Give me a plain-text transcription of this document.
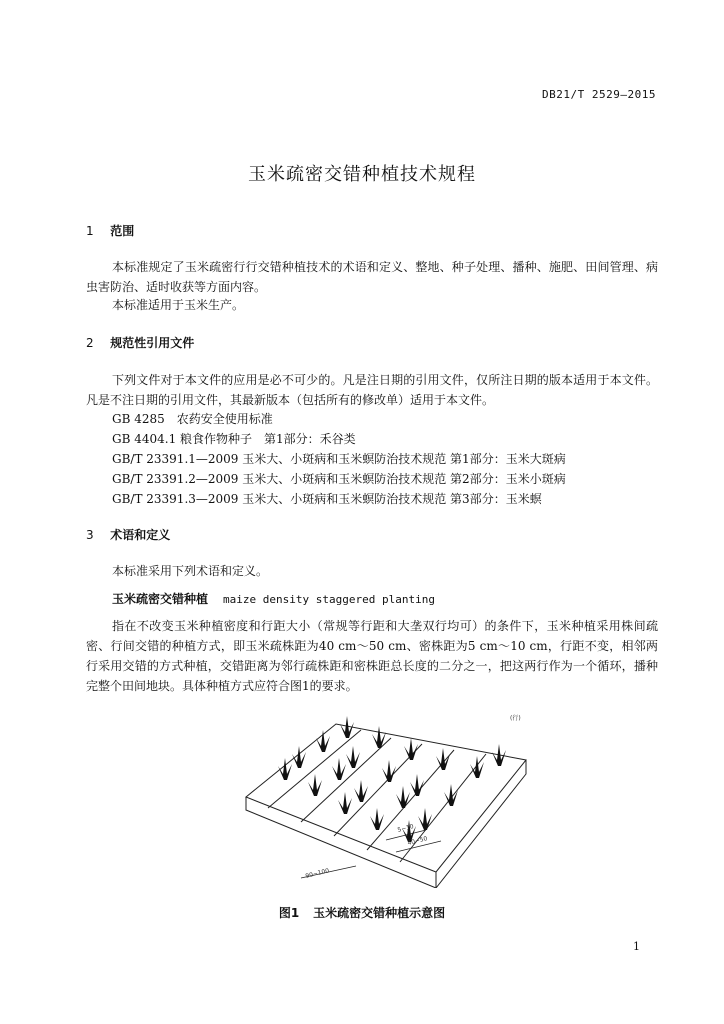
DB21/T 2529—2015
玉米疏密交错种植技术规程
1 范围
本标准规定了玉米疏密行行交错种植技术的术语和定义、整地、种子处理、播种、施肥、田间管理、病虫害防治、适时收获等方面内容。
本标准适用于玉米生产。
2 规范性引用文件
下列文件对于本文件的应用是必不可少的。凡是注日期的引用文件，仅所注日期的版本适用于本文件。凡是不注日期的引用文件，其最新版本（包括所有的修改单）适用于本文件。
GB 4285　农药安全使用标准
GB 4404.1 粮食作物种子　第1部分：禾谷类
GB/T 23391.1—2009 玉米大、小斑病和玉米螟防治技术规范 第1部分：玉米大斑病
GB/T 23391.2—2009 玉米大、小斑病和玉米螟防治技术规范 第2部分：玉米小斑病
GB/T 23391.3—2009 玉米大、小斑病和玉米螟防治技术规范 第3部分：玉米螟
3 术语和定义
本标准采用下列术语和定义。
玉米疏密交错种植 maize density staggered planting
指在不改变玉米种植密度和行距大小（常规等行距和大垄双行均可）的条件下，玉米种植采用株间疏密、行间交错的种植方式，即玉米疏株距为40 cm～50 cm、密株距为5 cm～10 cm，行距不变，相邻两行采用交错的方式种植，交错距离为邻行疏株距和密株距总长度的二分之一，把这两行作为一个循环，播种完整个田间地块。具体种植方式应符合图1的要求。
5~10
40~50
90~100
(行)
图1 玉米疏密交错种植示意图
1
